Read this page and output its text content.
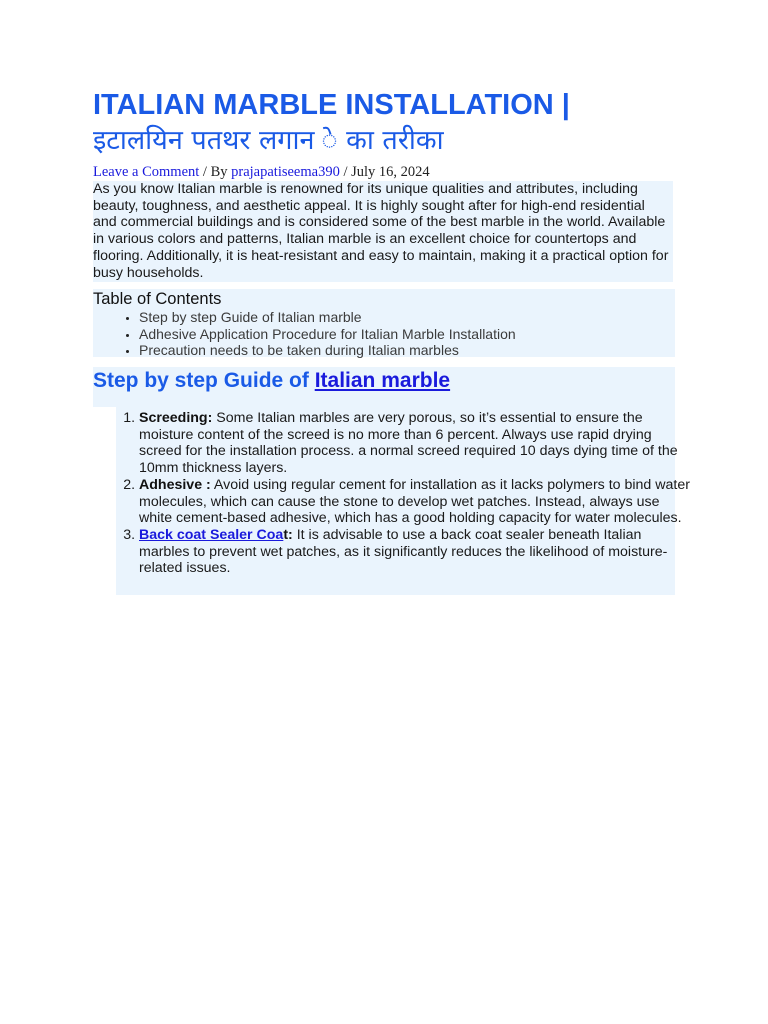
ITALIAN MARBLE INSTALLATION |
इटालयिन पतथर लगान े का तरीका
Leave a Comment / By prajapatiseema390 / July 16, 2024
As you know Italian marble is renowned for its unique qualities and attributes, including beauty, toughness, and aesthetic appeal. It is highly sought after for high-end residential and commercial buildings and is considered some of the best marble in the world. Available in various colors and patterns, Italian marble is an excellent choice for countertops and flooring. Additionally, it is heat-resistant and easy to maintain, making it a practical option for busy households.
Table of Contents
• Step by step Guide of Italian marble
• Adhesive Application Procedure for Italian Marble Installation
• Precaution needs to be taken during Italian marbles
Step by step Guide of Italian marble
1. Screeding: Some Italian marbles are very porous, so it’s essential to ensure the moisture content of the screed is no more than 6 percent. Always use rapid drying screed for the installation process. a normal screed required 10 days dying time of the 10mm thickness layers.
2. Adhesive : Avoid using regular cement for installation as it lacks polymers to bind water molecules, which can cause the stone to develop wet patches. Instead, always use white cement-based adhesive, which has a good holding capacity for water molecules.
3. Back coat Sealer Coat: It is advisable to use a back coat sealer beneath Italian marbles to prevent wet patches, as it significantly reduces the likelihood of moisture-related issues.
